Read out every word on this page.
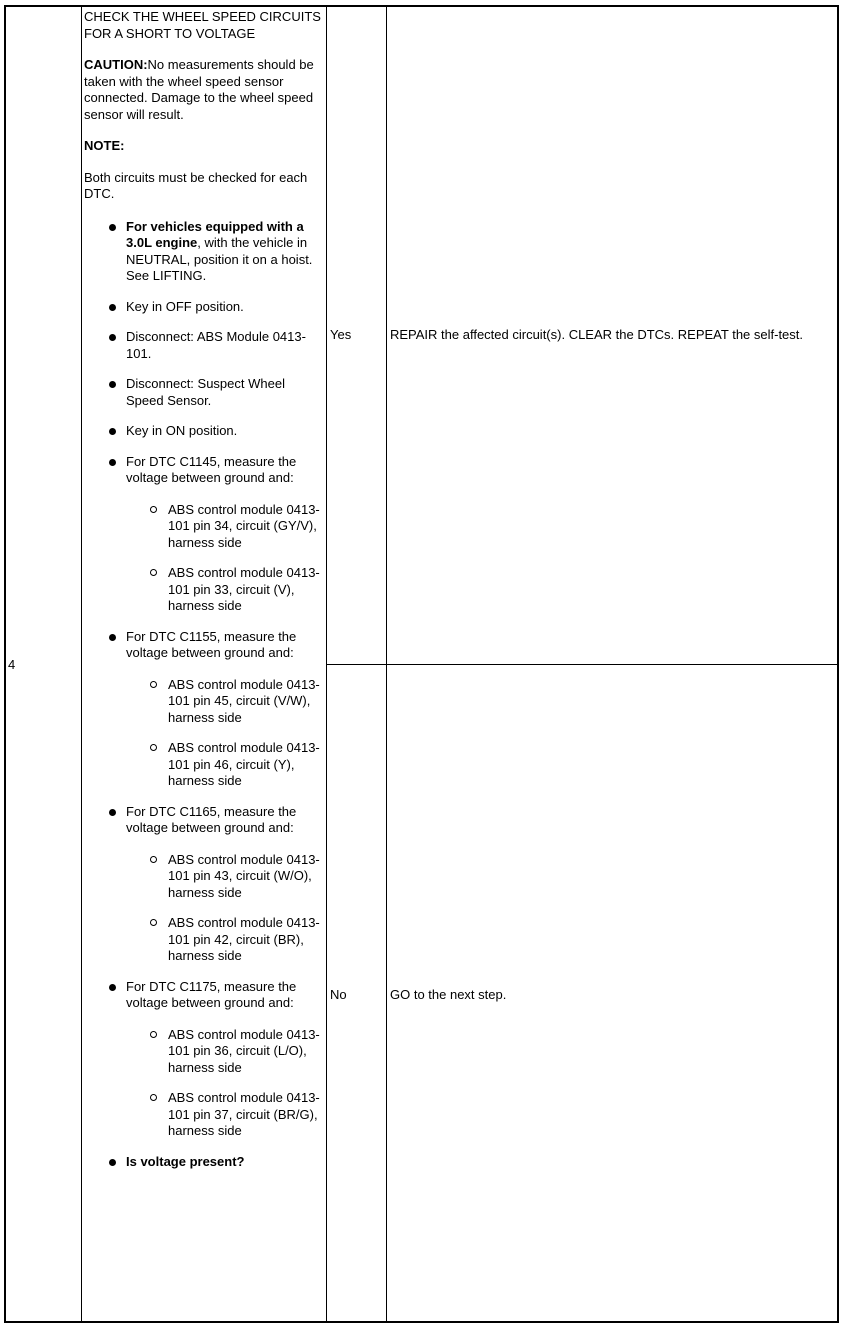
4

CHECK THE WHEEL SPEED CIRCUITS FOR A SHORT TO VOLTAGE

CAUTION:No measurements should be taken with the wheel speed sensor connected. Damage to the wheel speed sensor will result.

NOTE:

Both circuits must be checked for each DTC.

For vehicles equipped with a 3.0L engine, with the vehicle in NEUTRAL, position it on a hoist. See LIFTING.
Key in OFF position.
Disconnect: ABS Module 0413-101.
Disconnect: Suspect Wheel Speed Sensor.
Key in ON position.
For DTC C1145, measure the voltage between ground and:
ABS control module 0413-101 pin 34, circuit (GY/V), harness side
ABS control module 0413-101 pin 33, circuit (V), harness side
For DTC C1155, measure the voltage between ground and:
ABS control module 0413-101 pin 45, circuit (V/W), harness side
ABS control module 0413-101 pin 46, circuit (Y), harness side
For DTC C1165, measure the voltage between ground and:
ABS control module 0413-101 pin 43, circuit (W/O), harness side
ABS control module 0413-101 pin 42, circuit (BR), harness side
For DTC C1175, measure the voltage between ground and:
ABS control module 0413-101 pin 36, circuit (L/O), harness side
ABS control module 0413-101 pin 37, circuit (BR/G), harness side
Is voltage present?
Yes	REPAIR the affected circuit(s). CLEAR the DTCs. REPEAT the self-test.
No	GO to the next step.
